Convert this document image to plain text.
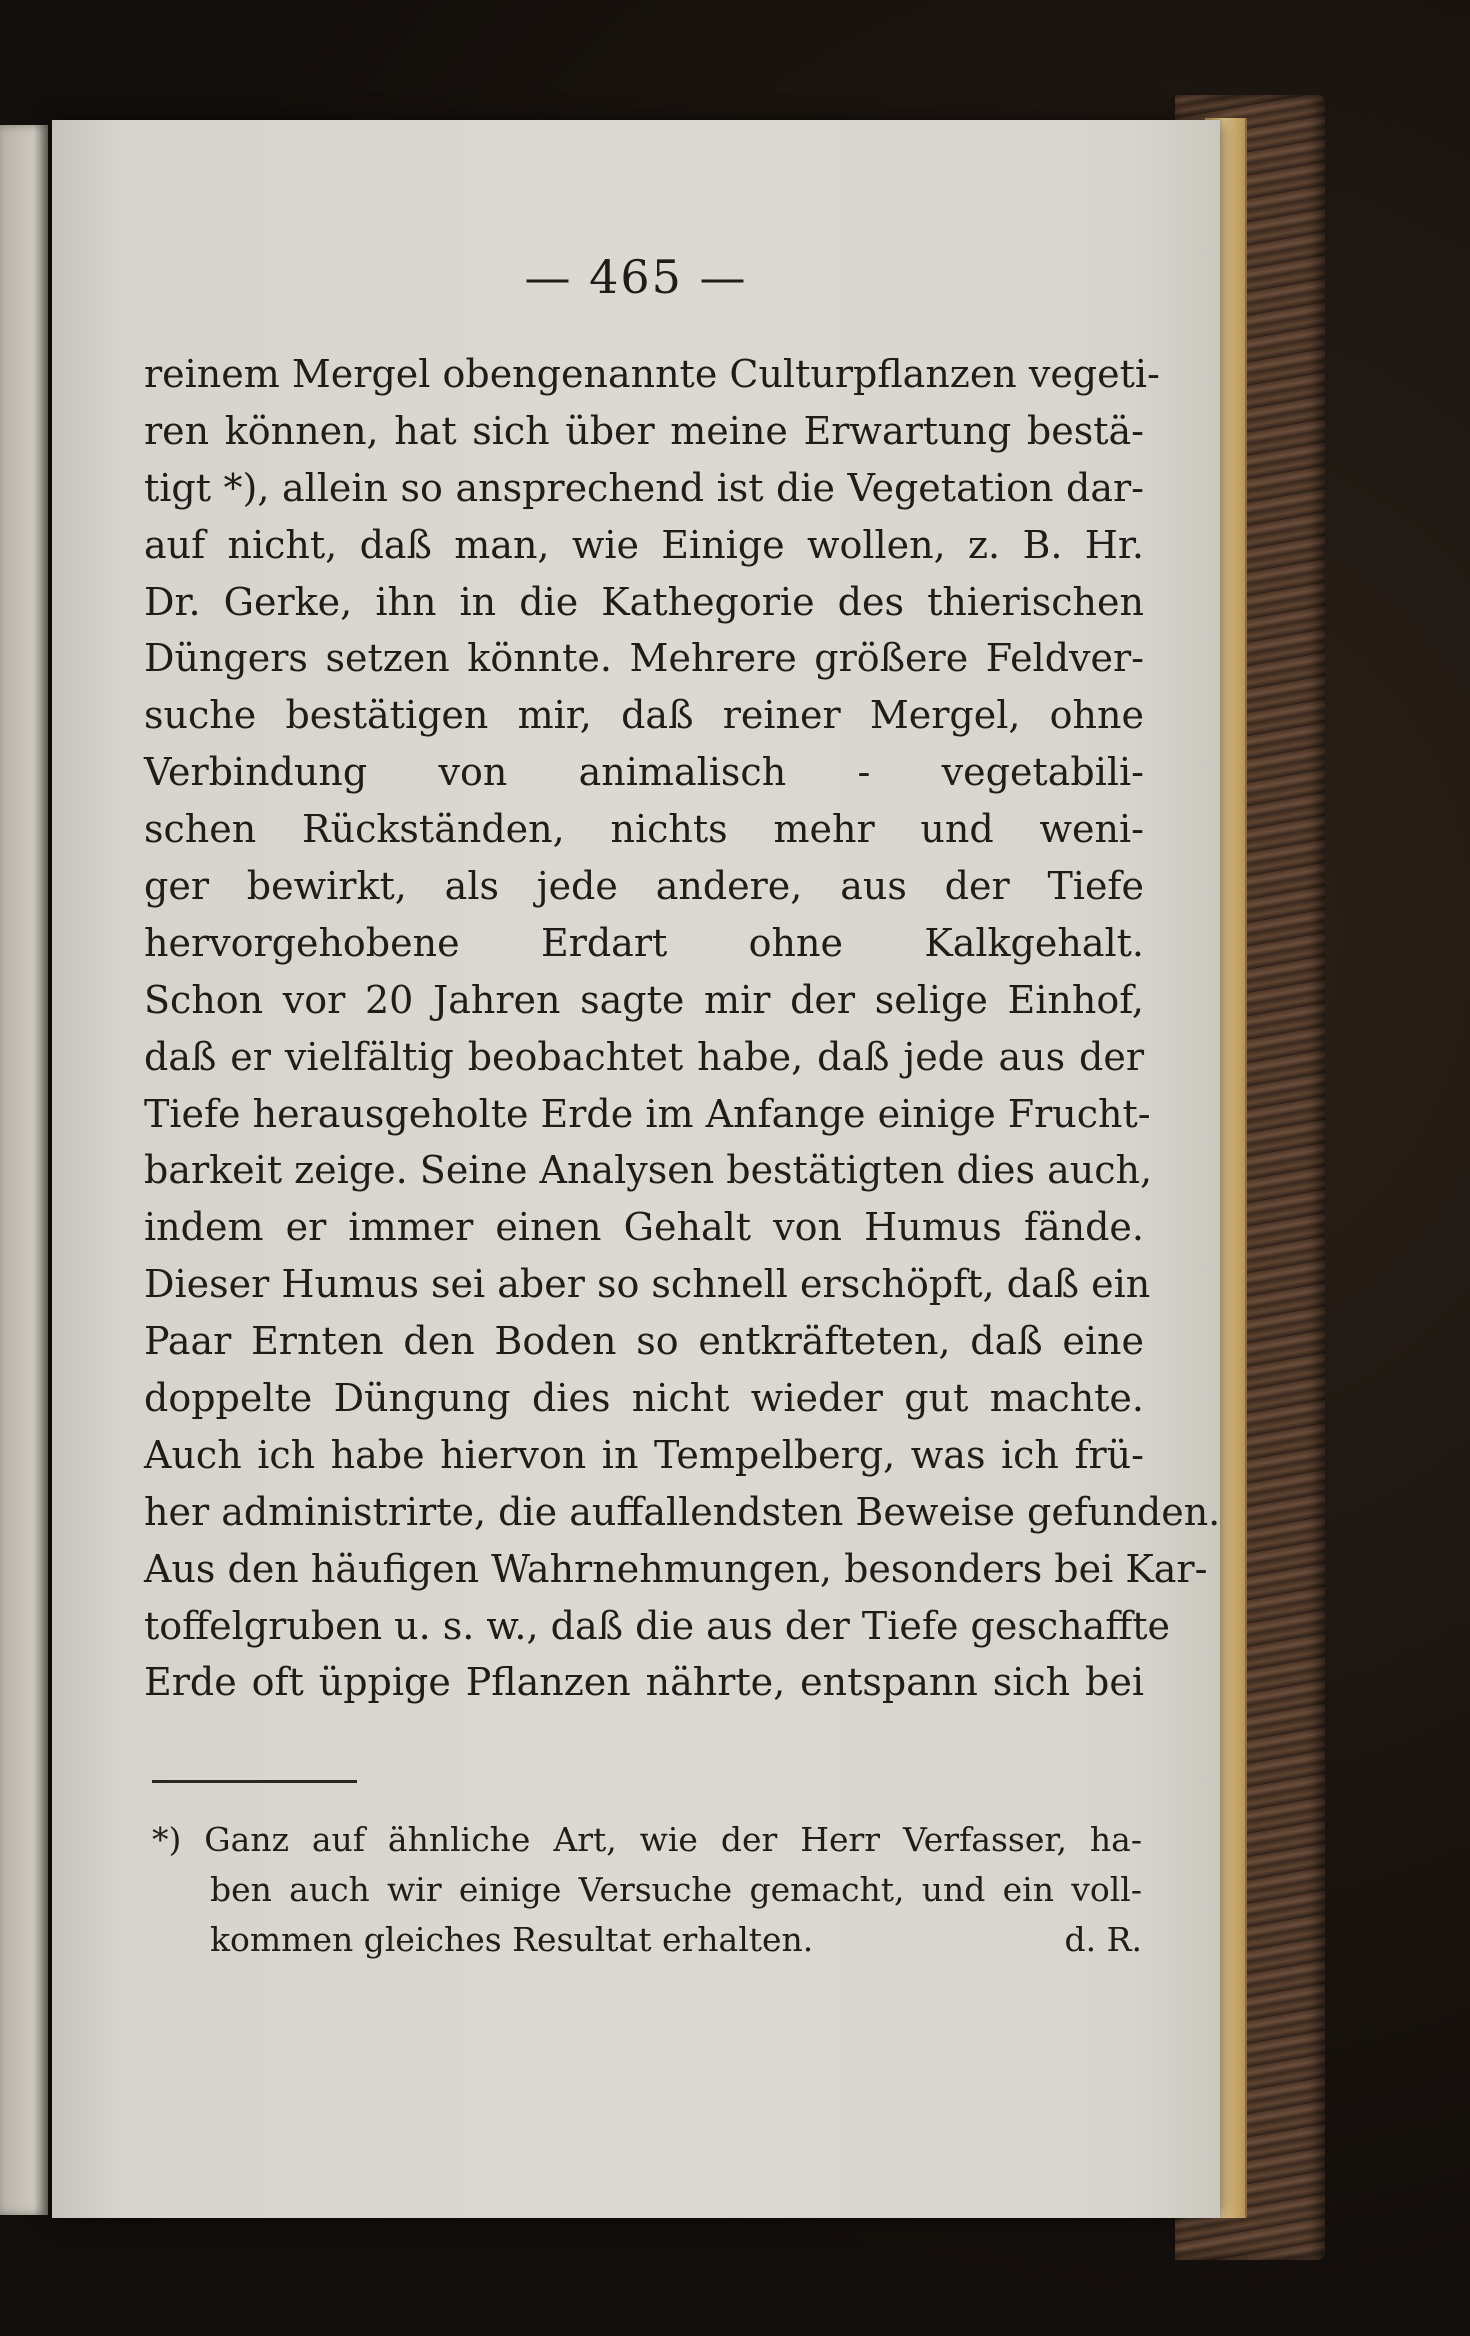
— 465 —
reinem Mergel obengenannte Culturpflanzen vegeti-
ren können, hat sich über meine Erwartung bestä-
tigt *), allein so ansprechend ist die Vegetation dar-
auf nicht, daß man, wie Einige wollen, z. B. Hr.
Dr. Gerke, ihn in die Kathegorie des thierischen
Düngers setzen könnte. Mehrere größere Feldver-
suche bestätigen mir, daß reiner Mergel, ohne
Verbindung von animalisch - vegetabili-
schen Rückständen, nichts mehr und weni-
ger bewirkt, als jede andere, aus der Tiefe
hervorgehobene Erdart ohne Kalkgehalt.
Schon vor 20 Jahren sagte mir der selige Einhof,
daß er vielfältig beobachtet habe, daß jede aus der
Tiefe herausgeholte Erde im Anfange einige Frucht-
barkeit zeige. Seine Analysen bestätigten dies auch,
indem er immer einen Gehalt von Humus fände.
Dieser Humus sei aber so schnell erschöpft, daß ein
Paar Ernten den Boden so entkräfteten, daß eine
doppelte Düngung dies nicht wieder gut machte.
Auch ich habe hiervon in Tempelberg, was ich frü-
her administrirte, die auffallendsten Beweise gefunden.
Aus den häufigen Wahrnehmungen, besonders bei Kar-
toffelgruben u. s. w., daß die aus der Tiefe geschaffte
Erde oft üppige Pflanzen nährte, entspann sich bei
*) Ganz auf ähnliche Art, wie der Herr Verfasser, ha-
ben auch wir einige Versuche gemacht, und ein voll-
kommen gleiches Resultat erhalten.	d. R.
